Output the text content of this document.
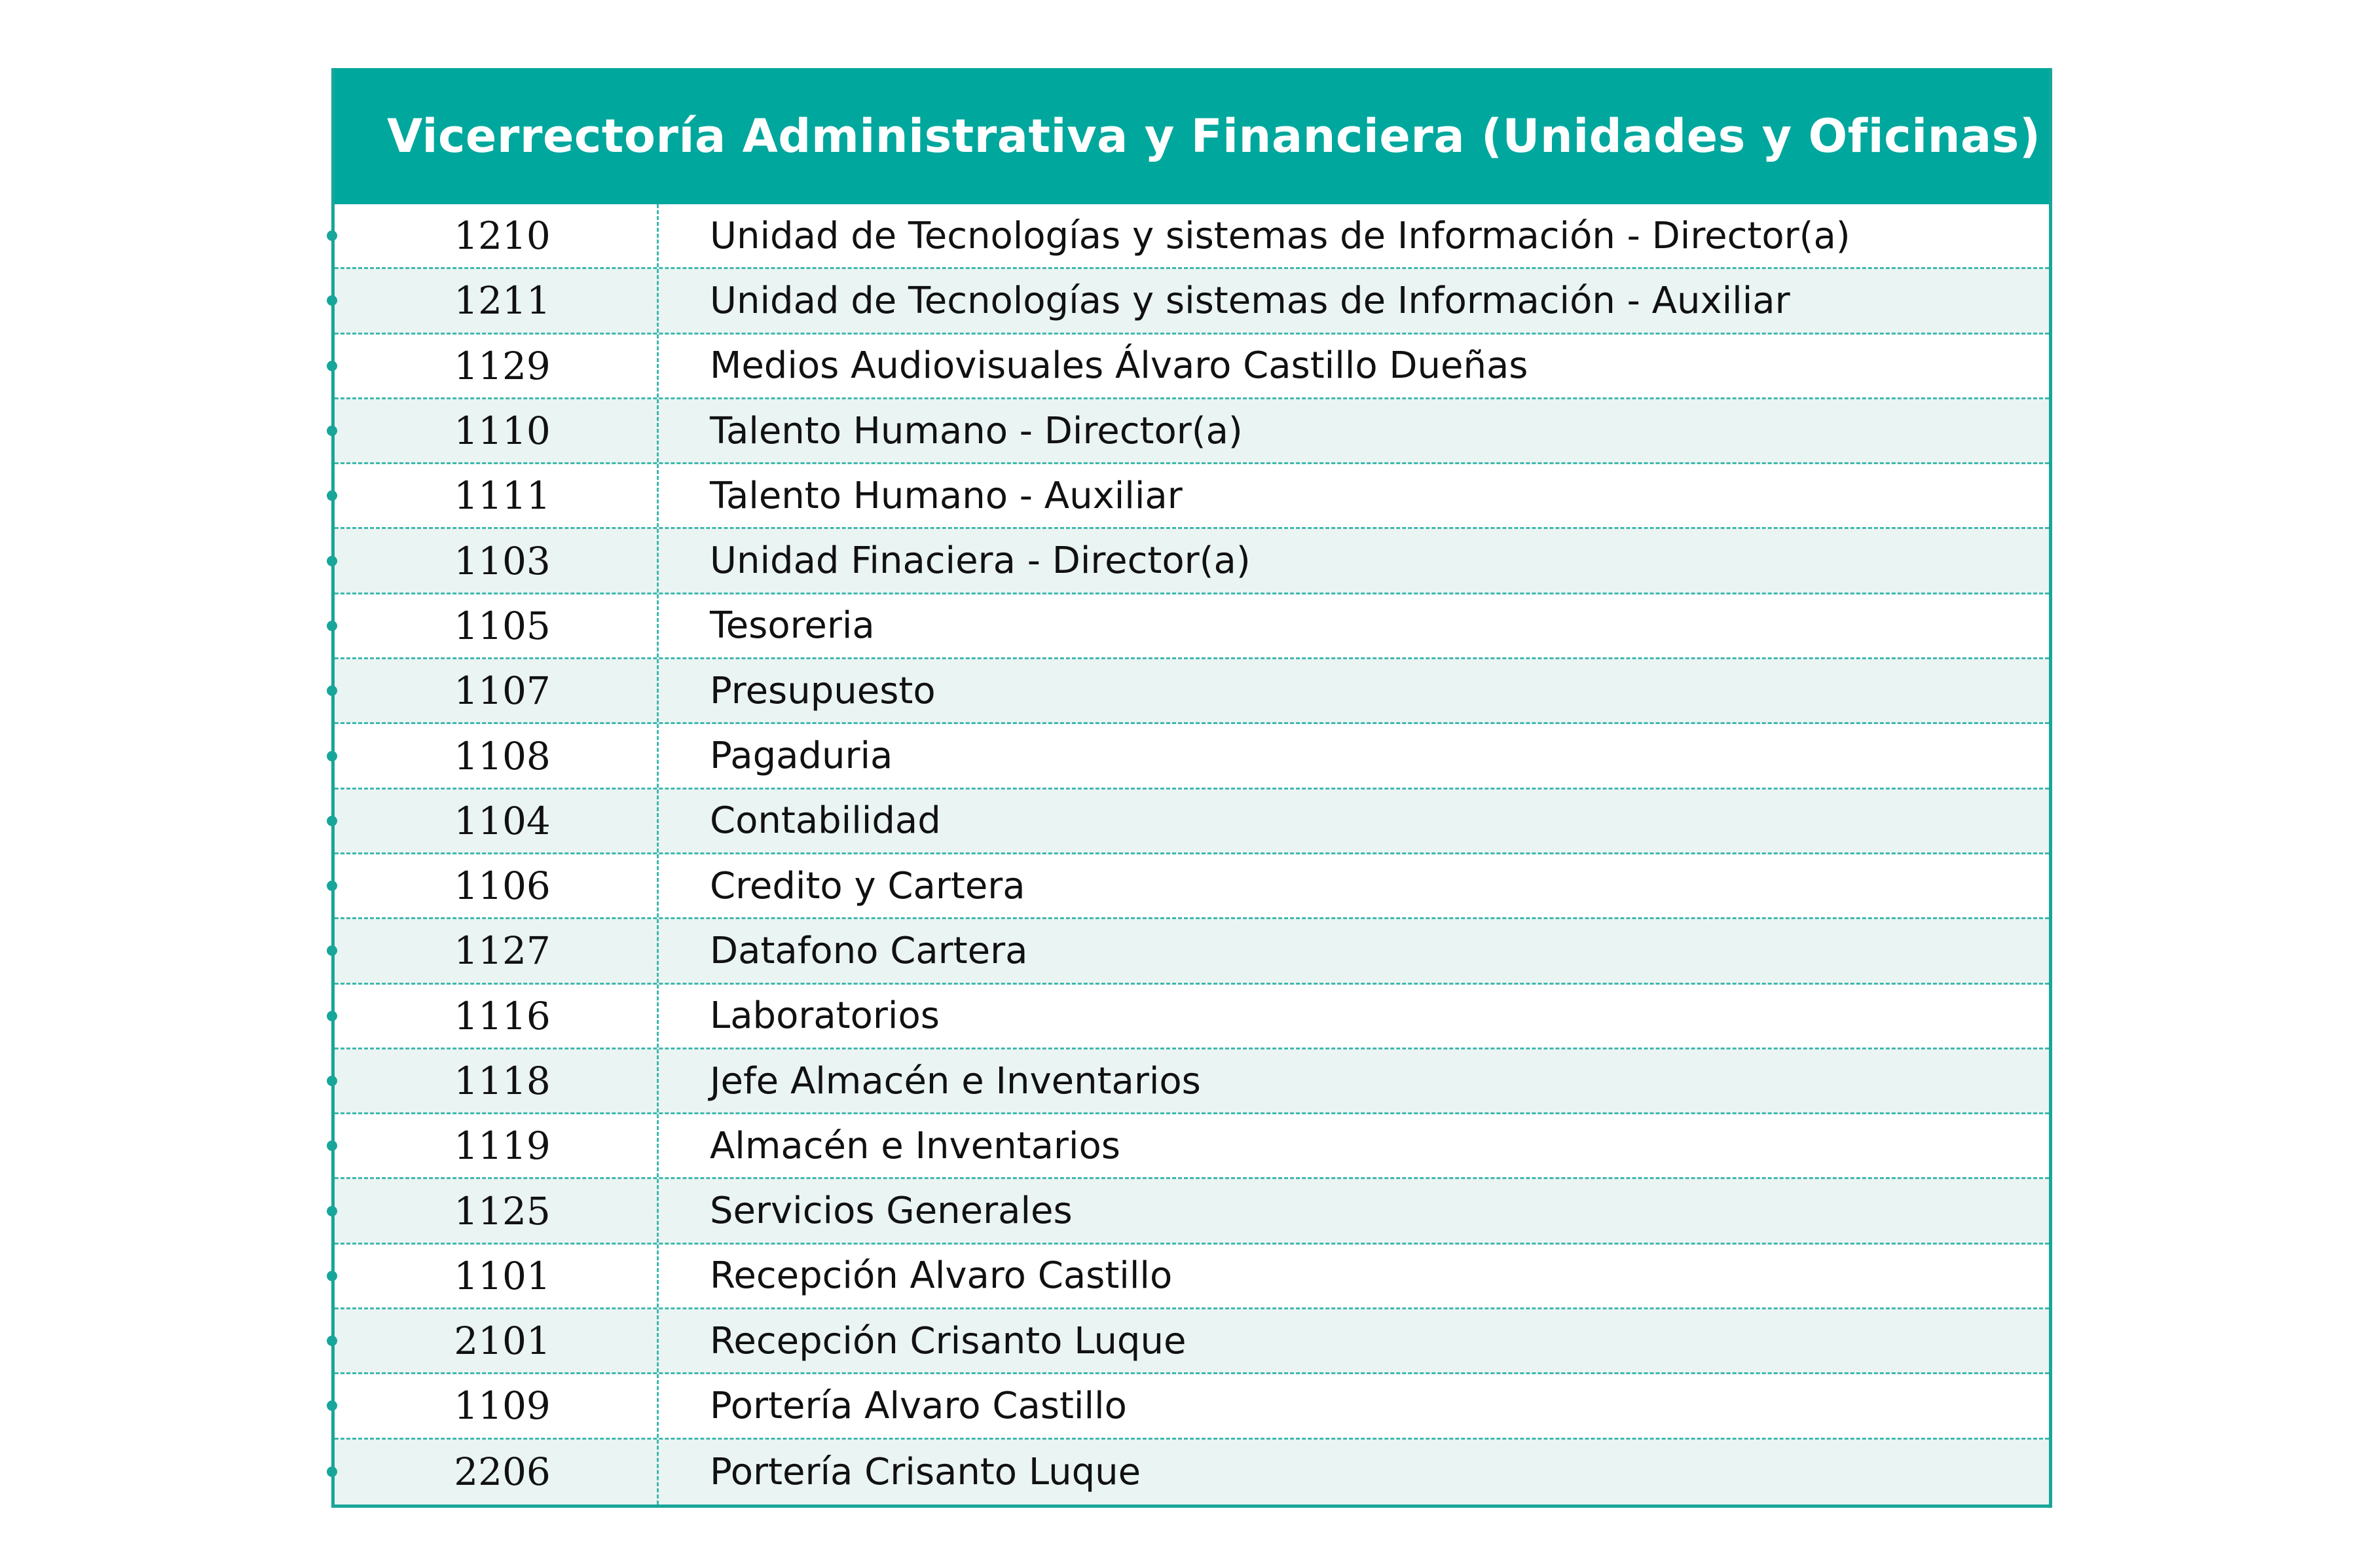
Vicerrectoría Administrativa y Financiera (Unidades y Oficinas)
1210	Unidad de Tecnologías y sistemas de Información - Director(a)
1211	Unidad de Tecnologías y sistemas de Información - Auxiliar
1129	Medios Audiovisuales Álvaro Castillo Dueñas
1110	Talento Humano - Director(a)
1111	Talento Humano - Auxiliar
1103	Unidad Finaciera - Director(a)
1105	Tesoreria
1107	Presupuesto
1108	Pagaduria
1104	Contabilidad
1106	Credito y Cartera
1127	Datafono Cartera
1116	Laboratorios
1118	Jefe Almacén e Inventarios
1119	Almacén e Inventarios
1125	Servicios Generales
1101	Recepción Alvaro Castillo
2101	Recepción Crisanto Luque
1109	Portería Alvaro Castillo
2206	Portería Crisanto Luque
